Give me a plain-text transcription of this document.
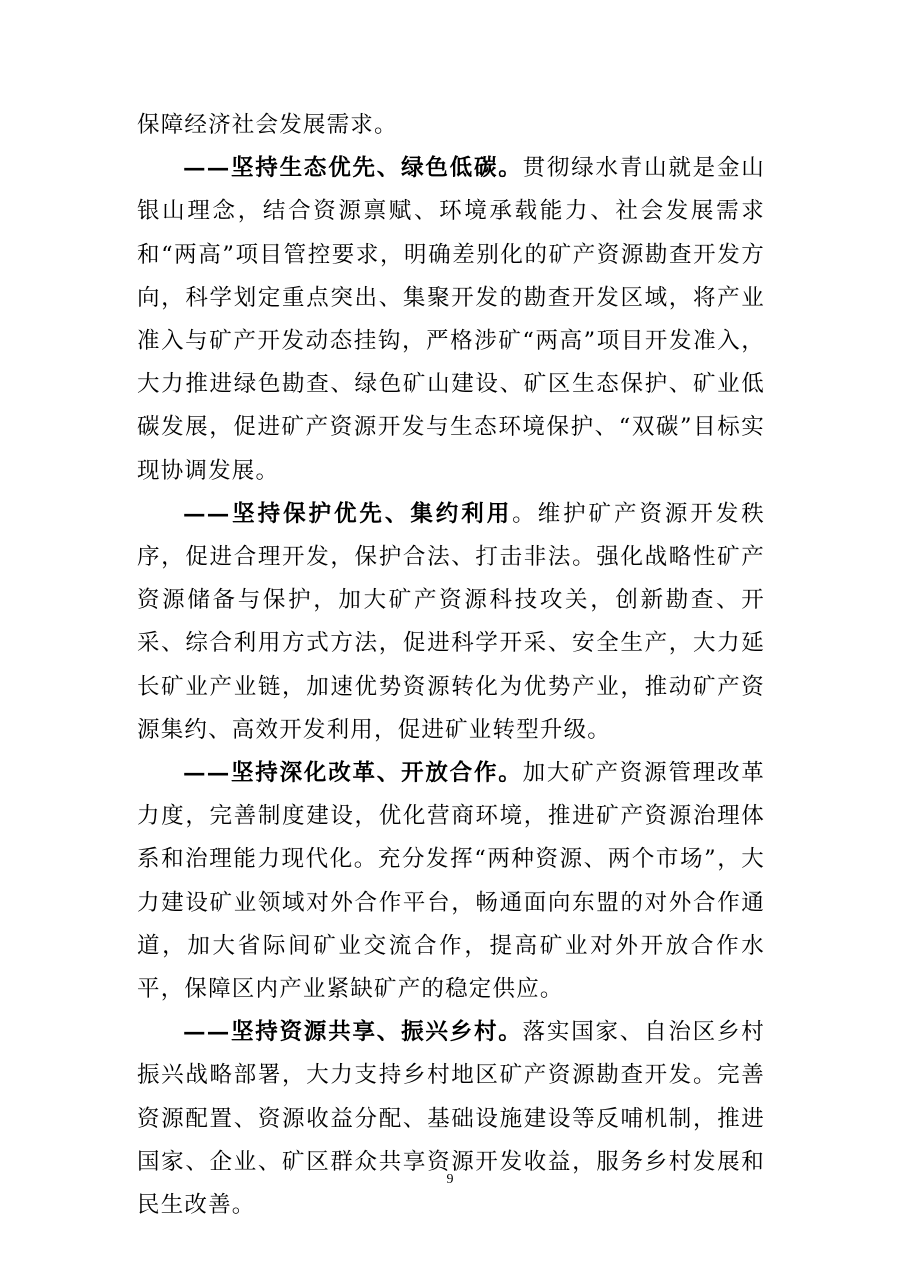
保障经济社会发展需求。

——坚持生态优先、绿色低碳。贯彻绿水青山就是金山银山理念，结合资源禀赋、环境承载能力、社会发展需求和“两高”项目管控要求，明确差别化的矿产资源勘查开发方向，科学划定重点突出、集聚开发的勘查开发区域，将产业准入与矿产开发动态挂钩，严格涉矿“两高”项目开发准入，大力推进绿色勘查、绿色矿山建设、矿区生态保护、矿业低碳发展，促进矿产资源开发与生态环境保护、“双碳”目标实现协调发展。

——坚持保护优先、集约利用。维护矿产资源开发秩序，促进合理开发，保护合法、打击非法。强化战略性矿产资源储备与保护，加大矿产资源科技攻关，创新勘查、开采、综合利用方式方法，促进科学开采、安全生产，大力延长矿业产业链，加速优势资源转化为优势产业，推动矿产资源集约、高效开发利用，促进矿业转型升级。

——坚持深化改革、开放合作。加大矿产资源管理改革力度，完善制度建设，优化营商环境，推进矿产资源治理体系和治理能力现代化。充分发挥“两种资源、两个市场”，大力建设矿业领域对外合作平台，畅通面向东盟的对外合作通道，加大省际间矿业交流合作，提高矿业对外开放合作水平，保障区内产业紧缺矿产的稳定供应。

——坚持资源共享、振兴乡村。落实国家、自治区乡村振兴战略部署，大力支持乡村地区矿产资源勘查开发。完善资源配置、资源收益分配、基础设施建设等反哺机制，推进国家、企业、矿区群众共享资源开发收益，服务乡村发展和民生改善。

9
